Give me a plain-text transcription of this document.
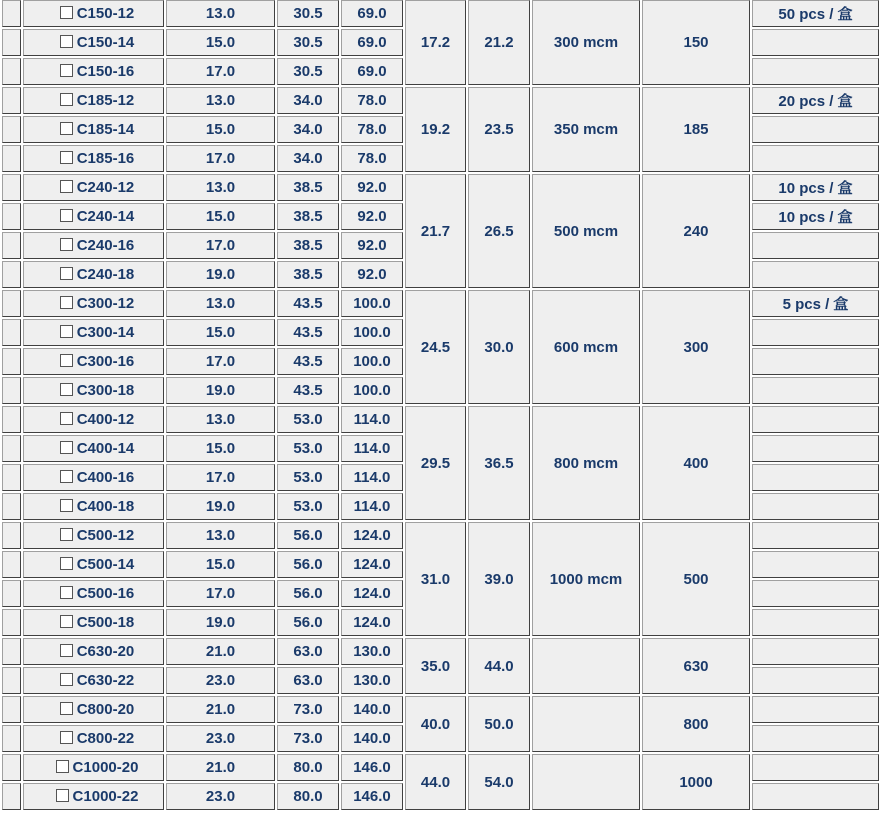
	C150-12	13.0	30.5	69.0	17.2	21.2	300 mcm	150	50 pcs / 盒
	C150-14	15.0	30.5	69.0					
	C150-16	17.0	30.5	69.0					
	C185-12	13.0	34.0	78.0	19.2	23.5	350 mcm	185	20 pcs / 盒
	C185-14	15.0	34.0	78.0					
	C185-16	17.0	34.0	78.0					
	C240-12	13.0	38.5	92.0	21.7	26.5	500 mcm	240	10 pcs / 盒
	C240-14	15.0	38.5	92.0					10 pcs / 盒
	C240-16	17.0	38.5	92.0					
	C240-18	19.0	38.5	92.0					
	C300-12	13.0	43.5	100.0	24.5	30.0	600 mcm	300	5 pcs / 盒
	C300-14	15.0	43.5	100.0					
	C300-16	17.0	43.5	100.0					
	C300-18	19.0	43.5	100.0					
	C400-12	13.0	53.0	114.0	29.5	36.5	800 mcm	400	
	C400-14	15.0	53.0	114.0					
	C400-16	17.0	53.0	114.0					
	C400-18	19.0	53.0	114.0					
	C500-12	13.0	56.0	124.0	31.0	39.0	1000 mcm	500	
	C500-14	15.0	56.0	124.0					
	C500-16	17.0	56.0	124.0					
	C500-18	19.0	56.0	124.0					
	C630-20	21.0	63.0	130.0	35.0	44.0		630	
	C630-22	23.0	63.0	130.0					
	C800-20	21.0	73.0	140.0	40.0	50.0		800	
	C800-22	23.0	73.0	140.0					
	C1000-20	21.0	80.0	146.0	44.0	54.0		1000	
	C1000-22	23.0	80.0	146.0					
